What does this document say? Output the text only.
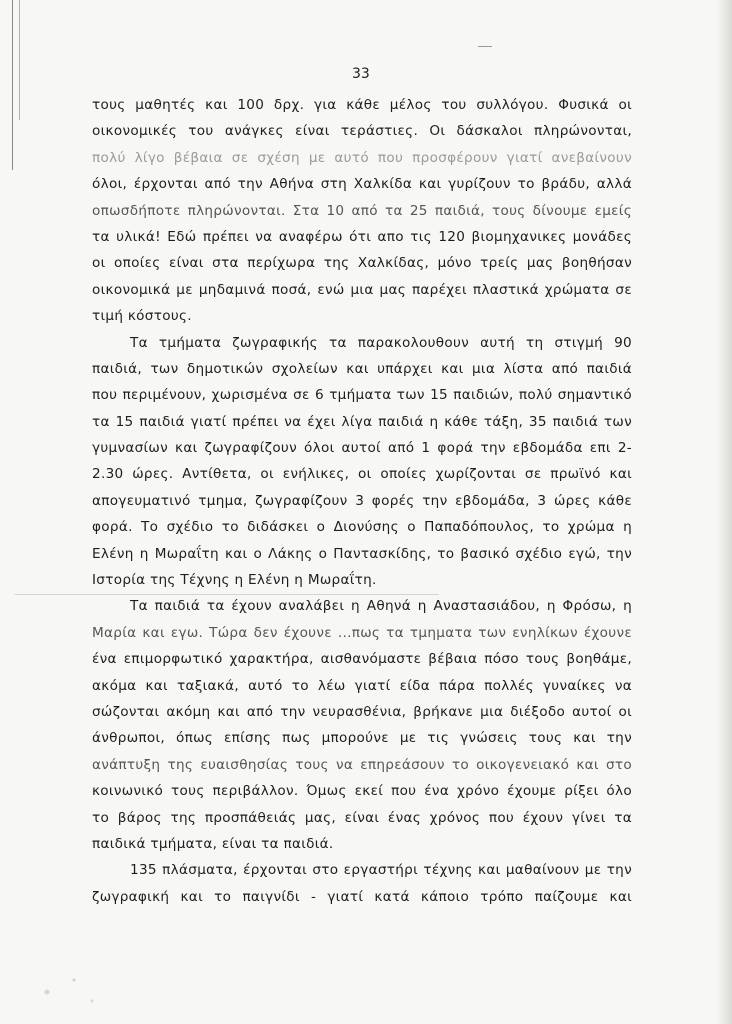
33
τους μαθητές και 100 δρχ. για κάθε μέλος του συλλόγου. Φυσικά οι
οικονομικές του ανάγκες είναι τεράστιες. Οι δάσκαλοι πληρώνονται,
πολύ λίγο βέβαια σε σχέση με αυτό που προσφέρουν γιατί ανεβαίνουν
όλοι, έρχονται από την Αθήνα στη Χαλκίδα και γυρίζουν το βράδυ, αλλά
οπωσδήποτε πληρώνονται. Στα 10 από τα 25 παιδιά, τους δίνουμε εμείς
τα υλικά! Εδώ πρέπει να αναφέρω ότι απο τις 120 βιομηχανικες μονάδες
οι οποίες είναι στα περίχωρα της Χαλκίδας, μόνο τρείς μας βοηθήσαν
οικονομικά με μηδαμινά ποσά, ενώ μια μας παρέχει πλαστικά χρώματα σε
τιμή κόστους.
Τα τμήματα ζωγραφικής τα παρακολουθουν αυτή τη στιγμή 90
παιδιά, των δημοτικών σχολείων και υπάρχει και μια λίστα από παιδιά
που περιμένουν, χωρισμένα σε 6 τμήματα των 15 παιδιών, πολύ σημαντικό
τα 15 παιδιά γιατί πρέπει να έχει λίγα παιδιά η κάθε τάξη, 35 παιδιά των
γυμνασίων και ζωγραφίζουν όλοι αυτοί από 1 φορά την εβδομάδα επι 2-
2.30 ώρες. Αντίθετα, οι ενήλικες, οι οποίες χωρίζονται σε πρωϊνό και
απογευματινό τμημα, ζωγραφίζουν 3 φορές την εβδομάδα, 3 ώρες κάθε
φορά. Το σχέδιο το διδάσκει ο Διονύσης ο Παπαδόπουλος, το χρώμα η
Ελένη η Μωραΐτη και ο Λάκης ο Παντασκίδης, το βασικό σχέδιο εγώ, την
Ιστορία της Τέχνης η Ελένη η Μωραΐτη.
Τα παιδιά τα έχουν αναλάβει η Αθηνά η Αναστασιάδου, η Φρόσω, η
Μαρία και εγω. Τώρα δεν έχουνε ...πως τα τμηματα των ενηλίκων έχουνε
ένα επιμορφωτικό χαρακτήρα, αισθανόμαστε βέβαια πόσο τους βοηθάμε,
ακόμα και ταξιακά, αυτό το λέω γιατί είδα πάρα πολλές γυναίκες να
σώζονται ακόμη και από την νευρασθένια, βρήκανε μια διέξοδο αυτοί οι
άνθρωποι, όπως επίσης πως μπορούνε με τις γνώσεις τους και την
ανάπτυξη της ευαισθησίας τους να επηρεάσουν το οικογενειακό και στο
κοινωνικό τους περιβάλλον. Όμως εκεί που ένα χρόνο έχουμε ρίξει όλο
το βάρος της προσπάθειάς μας, είναι ένας χρόνος που έχουν γίνει τα
παιδικά τμήματα, είναι τα παιδιά.
135 πλάσματα, έρχονται στο εργαστήρι τέχνης και μαθαίνουν με την
ζωγραφική και το παιγνίδι - γιατί κατά κάποιο τρόπο παίζουμε και
